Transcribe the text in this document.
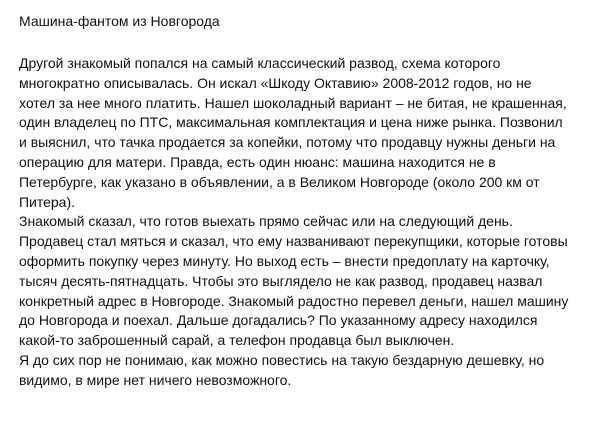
Машина-фантом из Новгорода
Другой знакомый попался на самый классический развод, схема которого
многократно описывалась. Он искал «Шкоду Октавию» 2008-2012 годов, но не
хотел за нее много платить. Нашел шоколадный вариант – не битая, не крашенная,
один владелец по ПТС, максимальная комплектация и цена ниже рынка. Позвонил
и выяснил, что тачка продается за копейки, потому что продавцу нужны деньги на
операцию для матери. Правда, есть один нюанс: машина находится не в
Петербурге, как указано в объявлении, а в Великом Новгороде (около 200 км от
Питера).
Знакомый сказал, что готов выехать прямо сейчас или на следующий день.
Продавец стал мяться и сказал, что ему названивают перекупщики, которые готовы
оформить покупку через минуту. Но выход есть – внести предоплату на карточку,
тысяч десять-пятнадцать. Чтобы это выглядело не как развод, продавец назвал
конкретный адрес в Новгороде. Знакомый радостно перевел деньги, нашел машину
до Новгорода и поехал. Дальше догадались? По указанному адресу находился
какой-то заброшенный сарай, а телефон продавца был выключен.
Я до сих пор не понимаю, как можно повестись на такую бездарную дешевку, но
видимо, в мире нет ничего невозможного.
